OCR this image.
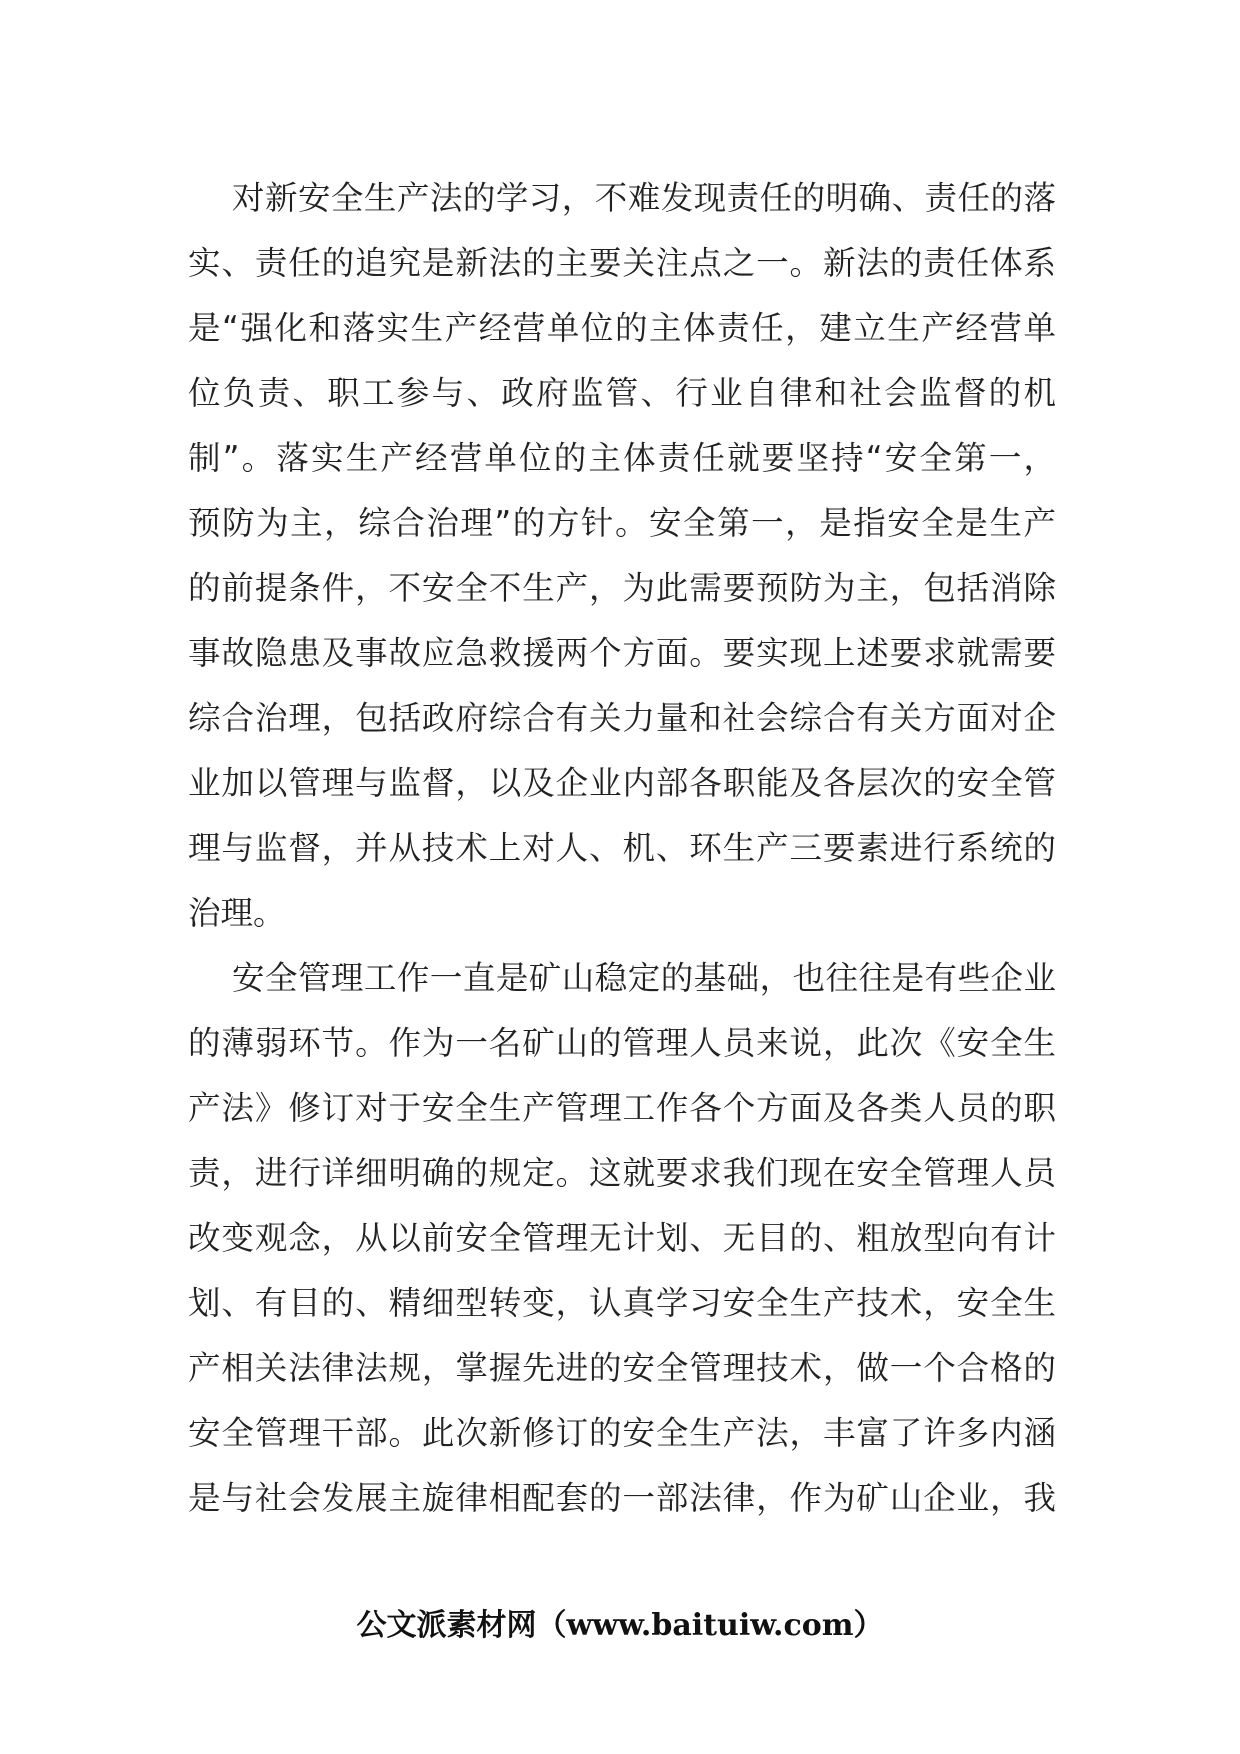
对新安全生产法的学习，不难发现责任的明确、责任的落
实、责任的追究是新法的主要关注点之一。新法的责任体系
是“强化和落实生产经营单位的主体责任，建立生产经营单
位负责、职工参与、政府监管、行业自律和社会监督的机
制”。落实生产经营单位的主体责任就要坚持“安全第一，
预防为主，综合治理”的方针。安全第一，是指安全是生产
的前提条件，不安全不生产，为此需要预防为主，包括消除
事故隐患及事故应急救援两个方面。要实现上述要求就需要
综合治理，包括政府综合有关力量和社会综合有关方面对企
业加以管理与监督，以及企业内部各职能及各层次的安全管
理与监督，并从技术上对人、机、环生产三要素进行系统的
治理。
安全管理工作一直是矿山稳定的基础，也往往是有些企业
的薄弱环节。作为一名矿山的管理人员来说，此次《安全生
产法》修订对于安全生产管理工作各个方面及各类人员的职
责，进行详细明确的规定。这就要求我们现在安全管理人员
改变观念，从以前安全管理无计划、无目的、粗放型向有计
划、有目的、精细型转变，认真学习安全生产技术，安全生
产相关法律法规，掌握先进的安全管理技术，做一个合格的
安全管理干部。此次新修订的安全生产法，丰富了许多内涵
是与社会发展主旋律相配套的一部法律，作为矿山企业，我
公文派素材网（www.baituiw.com）
